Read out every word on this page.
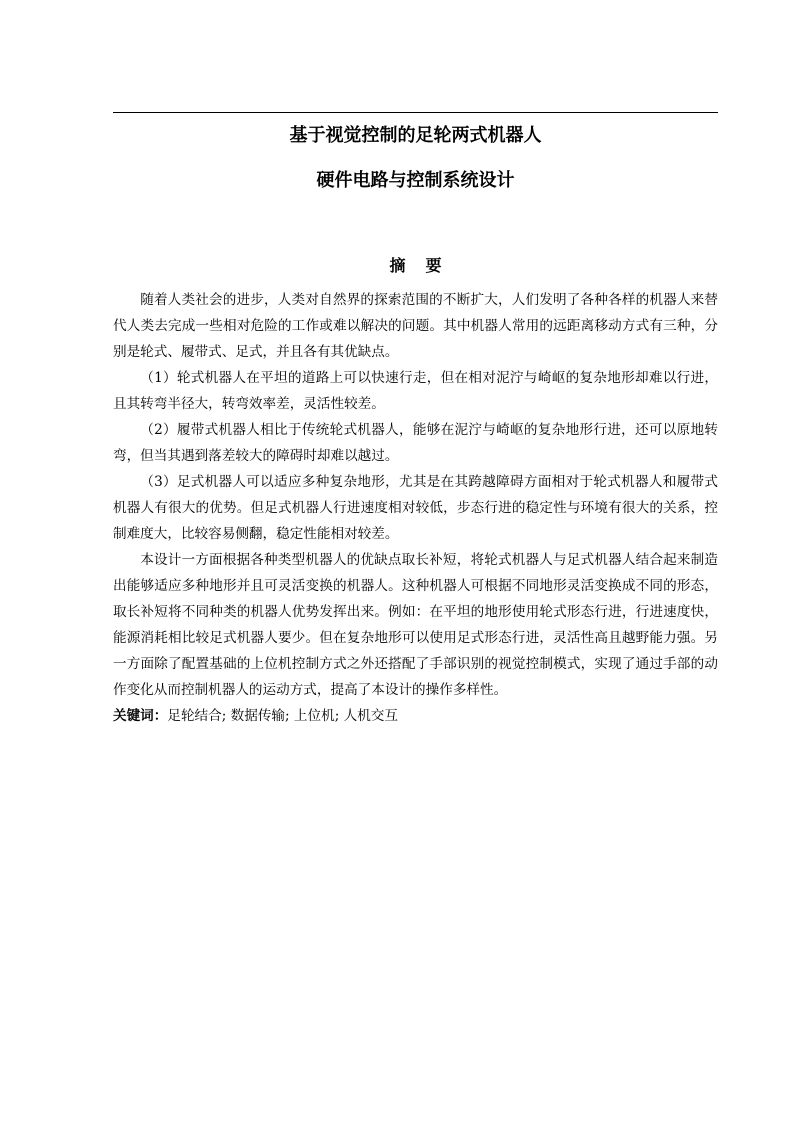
基于视觉控制的足轮两式机器人
硬件电路与控制系统设计
摘要

随着人类社会的进步，人类对自然界的探索范围的不断扩大，人们发明了各种各样的机器人来替代人类去完成一些相对危险的工作或难以解决的问题。其中机器人常用的远距离移动方式有三种，分别是轮式、履带式、足式，并且各有其优缺点。

（1）轮式机器人在平坦的道路上可以快速行走，但在相对泥泞与崎岖的复杂地形却难以行进，且其转弯半径大，转弯效率差，灵活性较差。

（2）履带式机器人相比于传统轮式机器人，能够在泥泞与崎岖的复杂地形行进，还可以原地转弯，但当其遇到落差较大的障碍时却难以越过。

（3）足式机器人可以适应多种复杂地形，尤其是在其跨越障碍方面相对于轮式机器人和履带式机器人有很大的优势。但足式机器人行进速度相对较低，步态行进的稳定性与环境有很大的关系，控制难度大，比较容易侧翻，稳定性能相对较差。

本设计一方面根据各种类型机器人的优缺点取长补短，将轮式机器人与足式机器人结合起来制造出能够适应多种地形并且可灵活变换的机器人。这种机器人可根据不同地形灵活变换成不同的形态，取长补短将不同种类的机器人优势发挥出来。例如：在平坦的地形使用轮式形态行进，行进速度快，能源消耗相比较足式机器人要少。但在复杂地形可以使用足式形态行进，灵活性高且越野能力强。另一方面除了配置基础的上位机控制方式之外还搭配了手部识别的视觉控制模式，实现了通过手部的动作变化从而控制机器人的运动方式，提高了本设计的操作多样性。

关键词：足轮结合; 数据传输; 上位机; 人机交互
